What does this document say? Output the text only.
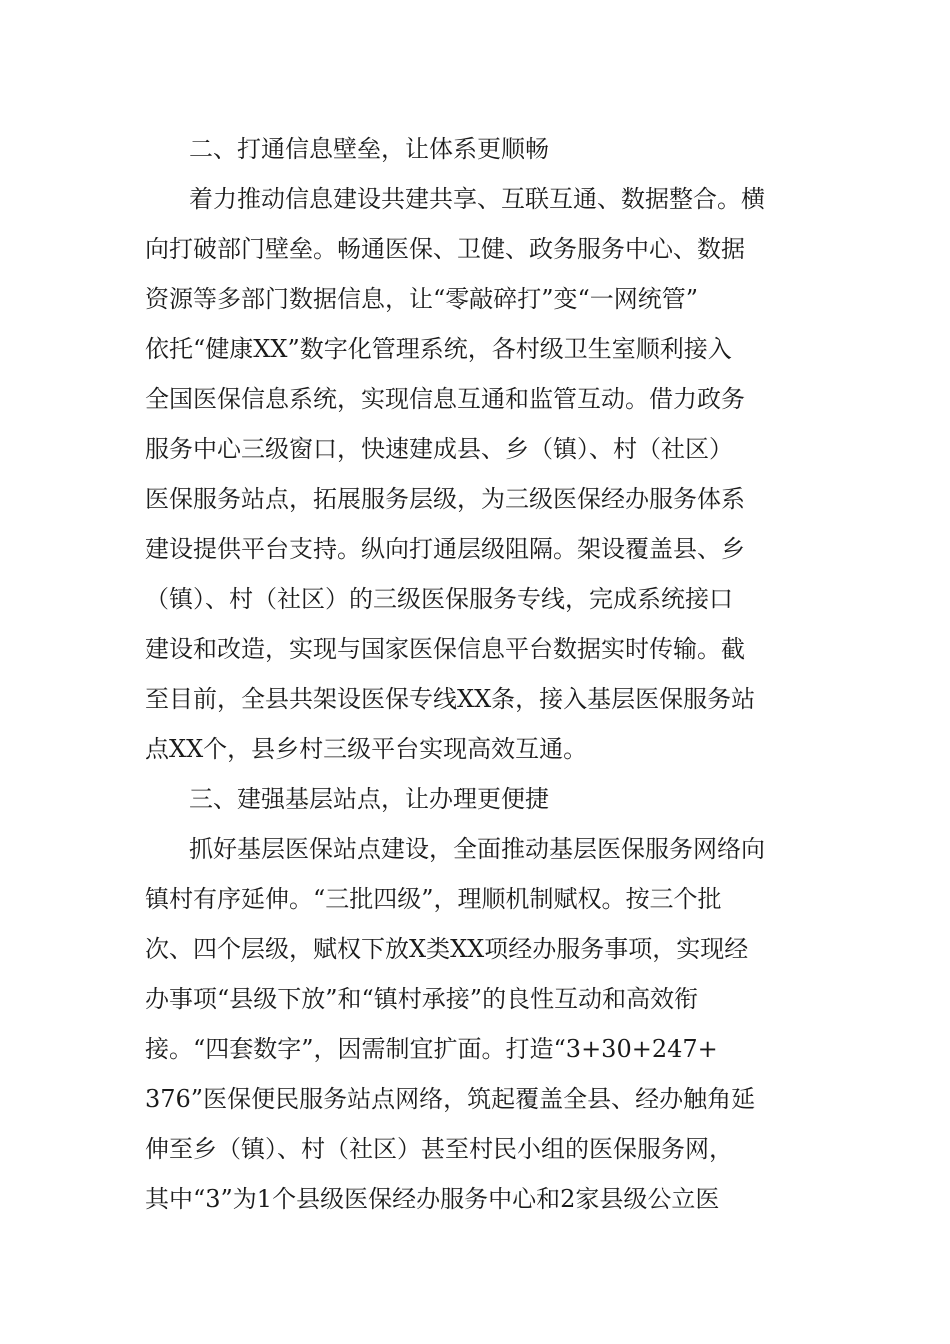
二、打通信息壁垒，让体系更顺畅
着力推动信息建设共建共享、互联互通、数据整合。横
向打破部门壁垒。畅通医保、卫健、政务服务中心、数据
资源等多部门数据信息，让“零敲碎打”变“一网统管”
依托“健康XX”数字化管理系统，各村级卫生室顺利接入
全国医保信息系统，实现信息互通和监管互动。借力政务
服务中心三级窗口，快速建成县、乡（镇）、村（社区）
医保服务站点，拓展服务层级，为三级医保经办服务体系
建设提供平台支持。纵向打通层级阻隔。架设覆盖县、乡
（镇）、村（社区）的三级医保服务专线，完成系统接口
建设和改造，实现与国家医保信息平台数据实时传输。截
至目前，全县共架设医保专线XX条，接入基层医保服务站
点XX个，县乡村三级平台实现高效互通。
三、建强基层站点，让办理更便捷
抓好基层医保站点建设，全面推动基层医保服务网络向
镇村有序延伸。“三批四级”，理顺机制赋权。按三个批
次、四个层级，赋权下放X类XX项经办服务事项，实现经
办事项“县级下放”和“镇村承接”的良性互动和高效衔
接。“四套数字”，因需制宜扩面。打造“3+30+247+
376”医保便民服务站点网络，筑起覆盖全县、经办触角延
伸至乡（镇）、村（社区）甚至村民小组的医保服务网，
其中“3”为1个县级医保经办服务中心和2家县级公立医
